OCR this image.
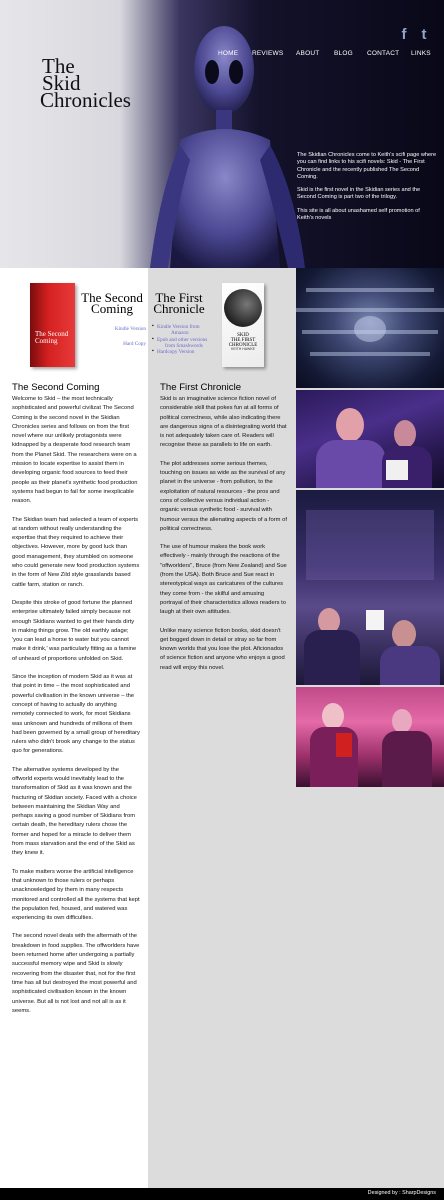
The
Skid
Chronicles
f t
HOME REVIEWS ABOUT BLOG CONTACT LINKS

The Skidian Chronicles come to Keith's scifi page where you can find links to his scifi novels: Skid - The First Chronicle and the recently published The Second Coming.

Skid is the first novel in the Skidian series and the Second Coming is part two of the trilogy.

This site is all about unashamed self promotion of Keith's novels

The Second
Coming
The Second
Coming
Kindle Version
Hard Copy
The First
Chronicle
▪ Kindle Version from
Amazon
▪ Epub and other versions
from Smashwords
▪ Hardcopy Version
SKID
THE FIRST
CHRONICLE
KEITH HAWKE
The Second Coming

Welcome to Skid – the most technically sophisticated and powerful civilizat The Second Coming is the second novel in the Skidian Chronicles series and follows on from the first novel where our unlikely protagonists were kidnapped by a desperate food research team from the Planet Skid. The researchers were on a mission to locate expertise to assist them in developing organic food sources to feed their people as their planet's synthetic food production systems had begun to fail for some inexplicable reason.

The Skidian team had selected a team of experts at random without really understanding the expertise that they required to achieve their objectives. However, more by good luck than good management, they stumbled on someone who could generate new food production systems in the form of New Zild style grasslands based cattle farm, station or ranch.

Despite this stroke of good fortune the planned enterprise ultimately failed simply because not enough Skidians wanted to get their hands dirty in making things grow. The old earthly adage; 'you can lead a horse to water but you cannot make it drink,' was particularly fitting as a famine of unheard of proportions unfolded on Skid.

Since the inception of modern Skid as it was at that point in time – the most sophisticated and powerful civilisation in the known universe – the concept of having to actually do anything remotely connected to work, for most Skidians was unknown and hundreds of millions of them had been governed by a small group of hereditary rulers who didn't brook any change to the status quo for generations.

The alternative systems developed by the offworld experts would inevitably lead to the transformation of Skid as it was known and the fracturing of Skidian society. Faced with a choice between maintaining the Skidian Way and perhaps saving a good number of Skidians from certain death, the hereditary rulers chose the former and hoped for a miracle to deliver them from mass starvation and the end of the Skid as they knew it.

To make matters worse the artificial intelligence that unknown to those rulers or perhaps unacknowledged by them in many respects monitored and controlled all the systems that kept the population fed, housed, and watered was experiencing its own difficulties.

The second novel deals with the aftermath of the breakdown in food supplies. The offworlders have been returned home after undergoing a partially successful memory wipe and Skid is slowly recovering from the disaster that, not for the first time has all but destroyed the most powerful and sophisticated civilisation known in the known universe. But all is not lost and not all is as it seems.

The First Chronicle

Skid is an imaginative science fiction novel of considerable skill that pokes fun at all forms of political correctness, while also indicating there are dangerous signs of a disintegrating world that is not adequately taken care of. Readers will recognise these as parallels to life on earth.

The plot addresses some serious themes, touching on issues as wide as the survival of any planet in the universe - from pollution, to the exploitation of natural resources - the pros and cons of collective versus individual action - organic versus synthetic food - survival with humour versus the alienating aspects of a form of political correctness.

The use of humour makes the book work effectively - mainly through the reactions of the "offworlders", Bruce (from New Zealand) and Sue (from the USA). Both Bruce and Sue react in stereotypical ways as caricatures of the cultures they come from - the skilful and amusing portrayal of their characteristics allows readers to laugh at their own attitudes.

Unlike many science fiction books, skid doesn't get bogged down in detail or stray so far from known worlds that you lose the plot. Aficionados of science fiction and anyone who enjoys a good read will enjoy this novel.

Designed by : SharpDesigns
